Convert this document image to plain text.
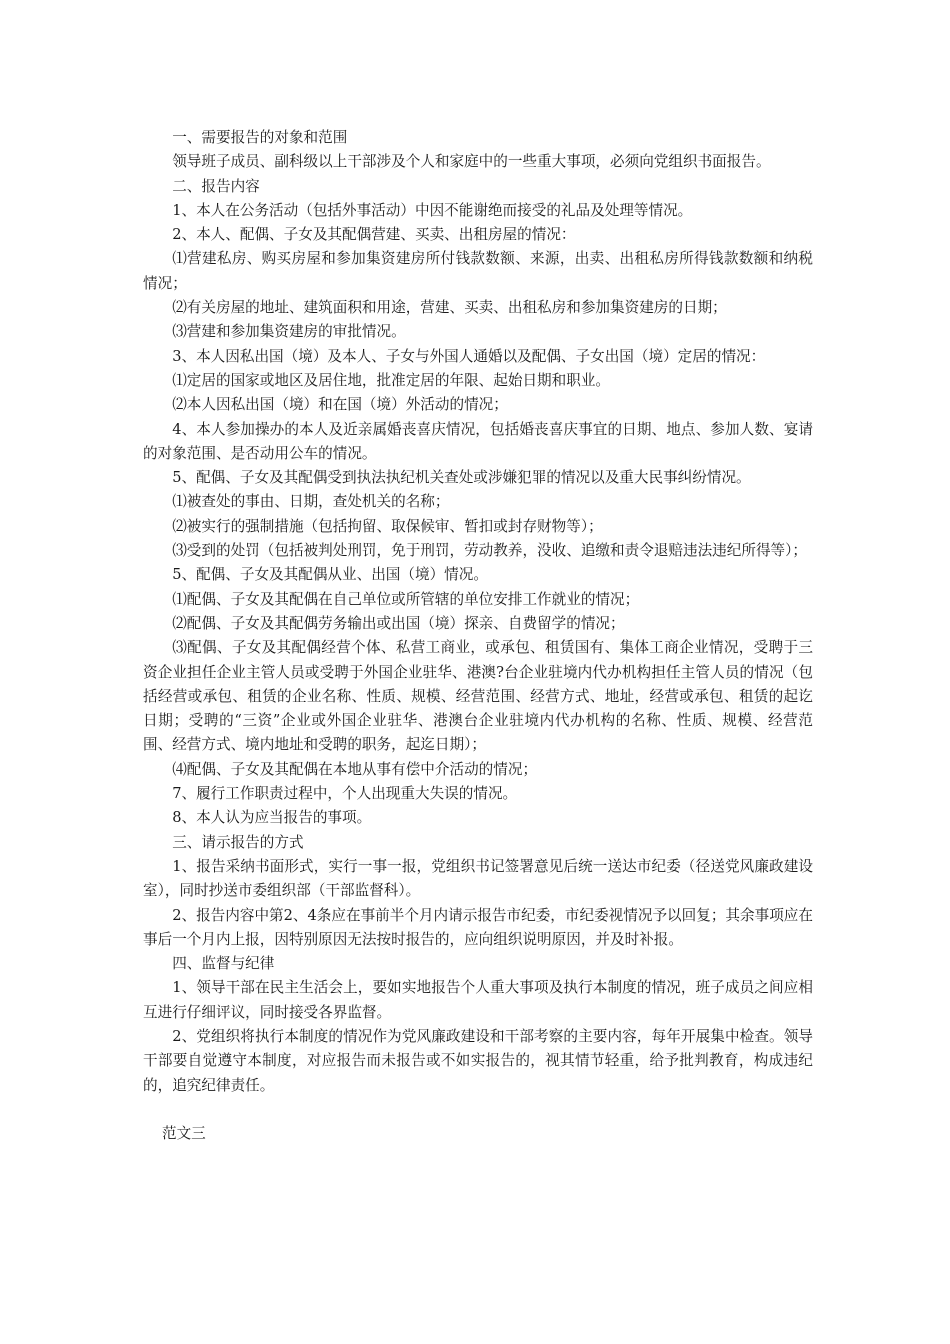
一、需要报告的对象和范围

领导班子成员、副科级以上干部涉及个人和家庭中的一些重大事项，必须向党组织书面报告。

二、报告内容

1、本人在公务活动（包括外事活动）中因不能谢绝而接受的礼品及处理等情况。

2、本人、配偶、子女及其配偶营建、买卖、出租房屋的情况：

⑴营建私房、购买房屋和参加集资建房所付钱款数额、来源，出卖、出租私房所得钱款数额和纳税情况；

⑵有关房屋的地址、建筑面积和用途，营建、买卖、出租私房和参加集资建房的日期；

⑶营建和参加集资建房的审批情况。

3、本人因私出国（境）及本人、子女与外国人通婚以及配偶、子女出国（境）定居的情况：

⑴定居的国家或地区及居住地，批准定居的年限、起始日期和职业。

⑵本人因私出国（境）和在国（境）外活动的情况；

4、本人参加操办的本人及近亲属婚丧喜庆情况，包括婚丧喜庆事宜的日期、地点、参加人数、宴请的对象范围、是否动用公车的情况。

5、配偶、子女及其配偶受到执法执纪机关查处或涉嫌犯罪的情况以及重大民事纠纷情况。

⑴被查处的事由、日期，查处机关的名称；

⑵被实行的强制措施（包括拘留、取保候审、暂扣或封存财物等）；

⑶受到的处罚（包括被判处刑罚，免于刑罚，劳动教养，没收、追缴和责令退赔违法违纪所得等）；

5、配偶、子女及其配偶从业、出国（境）情况。

⑴配偶、子女及其配偶在自己单位或所管辖的单位安排工作就业的情况；

⑵配偶、子女及其配偶劳务输出或出国（境）探亲、自费留学的情况；

⑶配偶、子女及其配偶经营个体、私营工商业，或承包、租赁国有、集体工商企业情况，受聘于三资企业担任企业主管人员或受聘于外国企业驻华、港澳?台企业驻境内代办机构担任主管人员的情况（包括经营或承包、租赁的企业名称、性质、规模、经营范围、经营方式、地址，经营或承包、租赁的起讫日期；受聘的“三资”企业或外国企业驻华、港澳台企业驻境内代办机构的名称、性质、规模、经营范围、经营方式、境内地址和受聘的职务，起迄日期）；

⑷配偶、子女及其配偶在本地从事有偿中介活动的情况；

7、履行工作职责过程中，个人出现重大失误的情况。

8、本人认为应当报告的事项。

三、请示报告的方式

1、报告采纳书面形式，实行一事一报，党组织书记签署意见后统一送达市纪委（径送党风廉政建设室），同时抄送市委组织部（干部监督科）。

2、报告内容中第2、4条应在事前半个月内请示报告市纪委，市纪委视情况予以回复；其余事项应在事后一个月内上报，因特别原因无法按时报告的，应向组织说明原因，并及时补报。

四、监督与纪律

1、领导干部在民主生活会上，要如实地报告个人重大事项及执行本制度的情况，班子成员之间应相互进行仔细评议，同时接受各界监督。

2、党组织将执行本制度的情况作为党风廉政建设和干部考察的主要内容，每年开展集中检查。领导干部要自觉遵守本制度，对应报告而未报告或不如实报告的，视其情节轻重，给予批判教育，构成违纪的，追究纪律责任。

范文三
